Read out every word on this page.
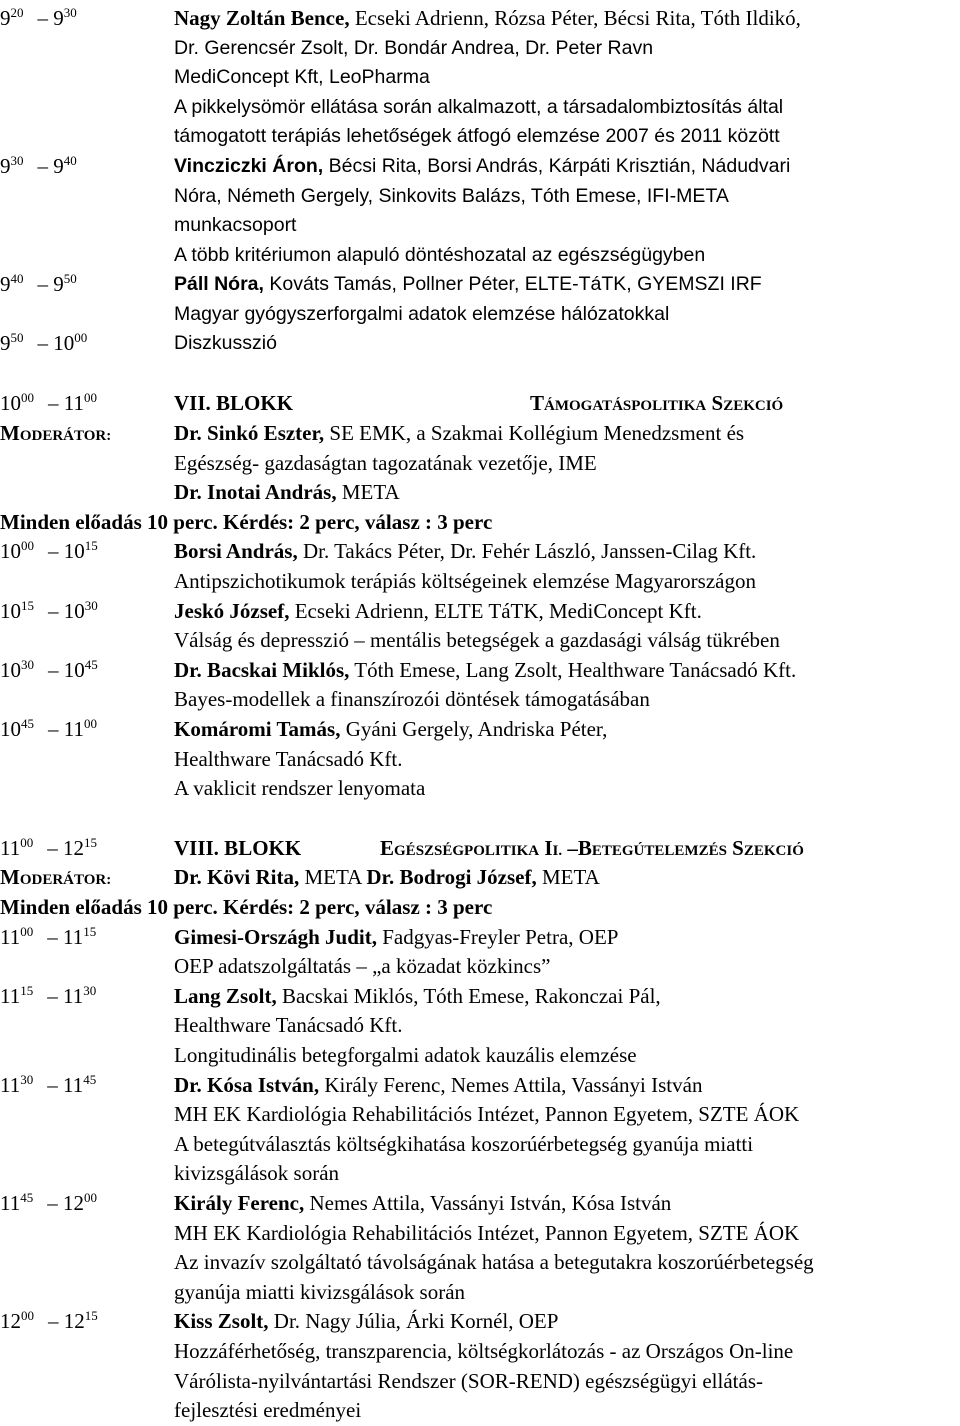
$9^{20} - 9^{30}$	Nagy Zoltán Bence, Ecseki Adrienn, Rózsa Péter, Bécsi Rita, Tóth Ildikó,
Dr. Gerencsér Zsolt, Dr. Bondár Andrea, Dr. Peter Ravn
MediConcept Kft, LeoPharma
A pikkelysömör ellátása során alkalmazott, a társadalombiztosítás által
támogatott terápiás lehetőségek átfogó elemzése 2007 és 2011 között
$9^{30} - 9^{40}$	Vincziczki Áron, Bécsi Rita, Borsi András, Kárpáti Krisztián, Nádudvari
Nóra, Németh Gergely, Sinkovits Balázs, Tóth Emese, IFI-META
munkacsoport
A több kritériumon alapuló döntéshozatal az egészségügyben
$9^{40} - 9^{50}$	Páll Nóra, Kováts Tamás, Pollner Péter, ELTE-TáTK, GYEMSZI IRF
Magyar gyógyszerforgalmi adatok elemzése hálózatokkal
$9^{50} - 10^{00}$	Diszkusszió
$10^{00} - 11^{00}$	VII. BLOKK	TÁMOGATÁSPOLITIKA SZEKCIÓ
MODERÁTOR:	Dr. Sinkó Eszter, SE EMK, a Szakmai Kollégium Menedzsment és
Egészség- gazdaságtan tagozatának vezetője, IME
Dr. Inotai András, META
Minden előadás 10 perc. Kérdés: 2 perc, válasz : 3 perc
$10^{00} - 10^{15}$	Borsi András, Dr. Takács Péter, Dr. Fehér László, Janssen-Cilag Kft.
Antipszichotikumok terápiás költségeinek elemzése Magyarországon
$10^{15} - 10^{30}$	Jeskó József, Ecseki Adrienn, ELTE TáTK, MediConcept Kft.
Válság és depresszió – mentális betegségek a gazdasági válság tükrében
$10^{30} - 10^{45}$	Dr. Bacskai Miklós, Tóth Emese, Lang Zsolt, Healthware Tanácsadó Kft.
Bayes-modellek a finanszírozói döntések támogatásában
$10^{45} - 11^{00}$	Komáromi Tamás, Gyáni Gergely, Andriska Péter,
Healthware Tanácsadó Kft.
A vaklicit rendszer lenyomata
$11^{00} - 12^{15}$	VIII. BLOKK	EGÉSZSÉGPOLITIKA II. –BETEGÚTELEMZÉS SZEKCIÓ
MODERÁTOR:	Dr. Kövi Rita, META Dr. Bodrogi József, META
Minden előadás 10 perc. Kérdés: 2 perc, válasz : 3 perc
$11^{00} - 11^{15}$	Gimesi-Országh Judit, Fadgyas-Freyler Petra, OEP
OEP adatszolgáltatás – „a közadat közkincs”
$11^{15} - 11^{30}$	Lang Zsolt, Bacskai Miklós, Tóth Emese, Rakonczai Pál,
Healthware Tanácsadó Kft.
Longitudinális betegforgalmi adatok kauzális elemzése
$11^{30} - 11^{45}$	Dr. Kósa István, Király Ferenc, Nemes Attila, Vassányi István
MH EK Kardiológia Rehabilitációs Intézet, Pannon Egyetem, SZTE ÁOK
A betegútválasztás költségkihatása koszorúérbetegség gyanúja miatti
kivizsgálások során
$11^{45} - 12^{00}$	Király Ferenc, Nemes Attila, Vassányi István, Kósa István
MH EK Kardiológia Rehabilitációs Intézet, Pannon Egyetem, SZTE ÁOK
Az invazív szolgáltató távolságának hatása a betegutakra koszorúérbetegség
gyanúja miatti kivizsgálások során
$12^{00} - 12^{15}$	Kiss Zsolt, Dr. Nagy Júlia, Árki Kornél, OEP
Hozzáférhetőség, transzparencia, költségkorlátozás - az Országos On-line
Várólista-nyilvántartási Rendszer (SOR-REND) egészségügyi ellátás-
fejlesztési eredményei
